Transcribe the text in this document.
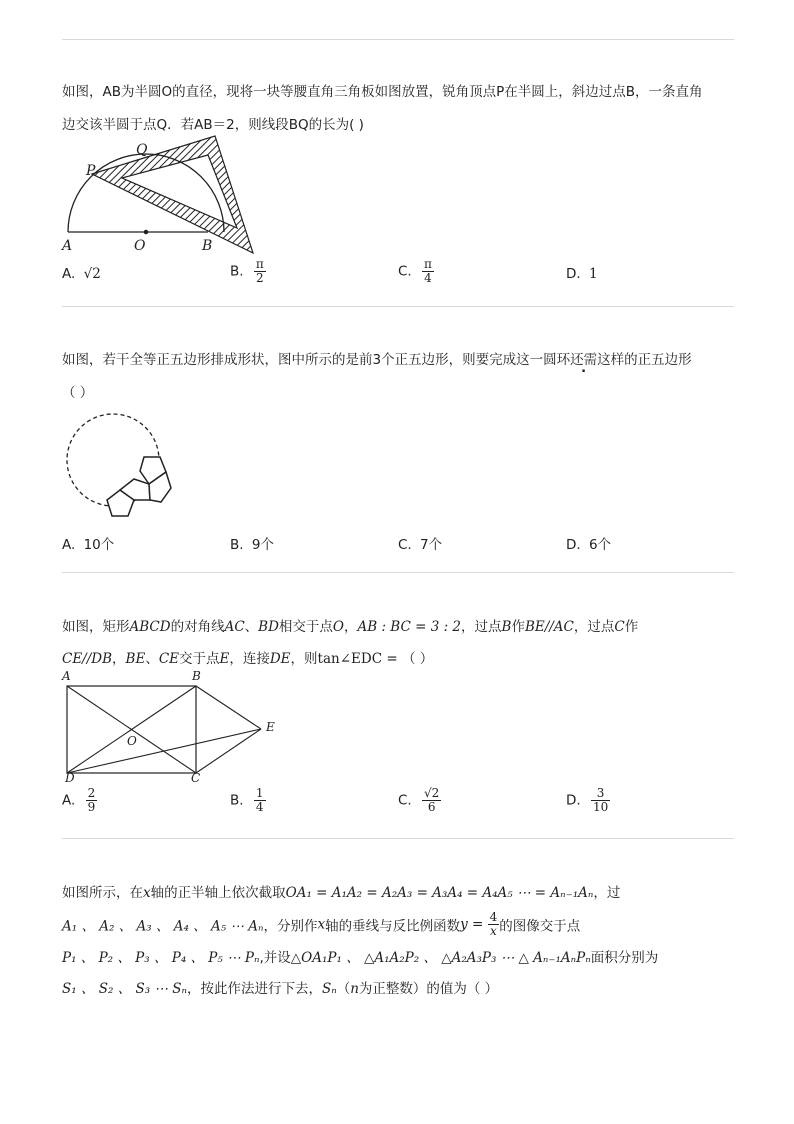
如图，AB为半圆O的直径，现将一块等腰直角三角板如图放置，锐角顶点P在半圆上，斜边过点B，一条直角
边交该半圆于点Q．若AB＝2，则线段BQ的长为( )
P
Q
A	O	B
A. √2	B. $\frac{\pi}{2}$	C. $\frac{\pi}{4}$	D. 1
如图，若干全等正五边形排成形状，图中所示的是前3个正五边形，则要完成这一圆环还需这样的正五边形
（ ）
A. 10个	B. 9个	C. 7个	D. 6个
如图，矩形ABCD的对角线AC、BD相交于点O，AB : BC = 3 : 2，过点B作BE//AC，过点C作
CE//DB，BE、CE交于点E，连接DE，则tan∠EDC = （ ）
A	B
O
E
D	C
A. $\frac{2}{9}$	B. $\frac{1}{4}$	C. $\frac{√2}{6}$	D. $\frac{3}{10}$
如图所示，在x轴的正半轴上依次截取OA₁ = A₁A₂ = A₂A₃ = A₃A₄ = A₄A₅ ⋯ = Aₙ₋₁Aₙ，过
A₁ 、 A₂ 、 A₃ 、 A₄ 、 A₅ ⋯ Aₙ，分别作x轴的垂线与反比例函数$y = \frac{4}{x}$ 的图像交于点
P₁ 、 P₂ 、 P₃ 、 P₄ 、 P₅ ⋯ Pₙ,并设△OA₁P₁ 、 △A₁A₂P₂ 、 △A₂A₃P₃ ⋯ △ Aₙ₋₁AₙPₙ面积分别为
S₁ 、 S₂ 、 S₃ ⋯ Sₙ，按此作法进行下去，Sₙ（n为正整数）的值为（ ）
